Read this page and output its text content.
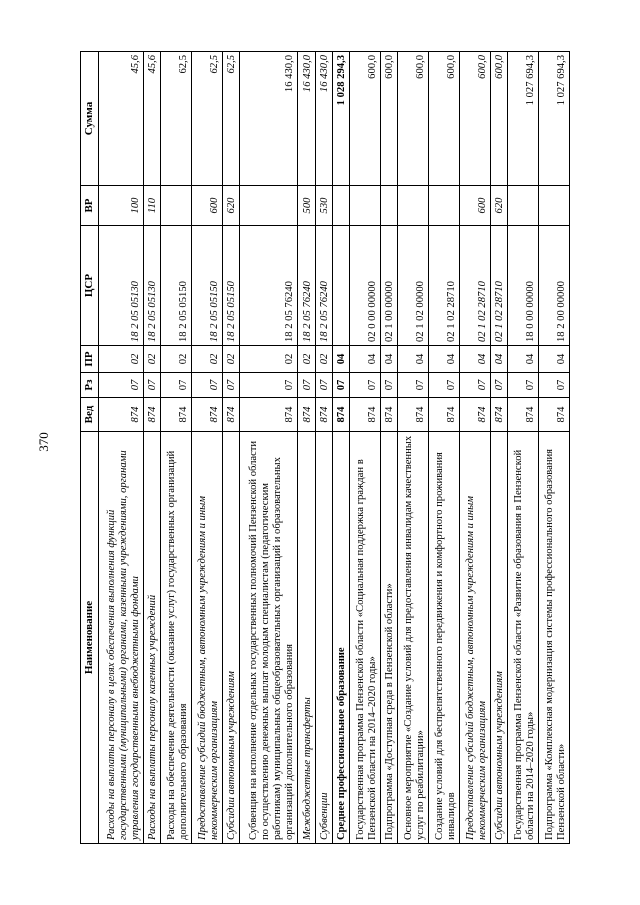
370
Наименование	Вед	Рз	ПР	ЦСР	ВР	Сумма
Расходы на выплаты персоналу в целях обеспечения выполнения функций государственными (муниципальными) органами, казенными учреждениями, органами управления государственными внебюджетными фондами	874	07	02	18 2 05 05130	100	45,6
Расходы на выплаты персоналу казенных учреждений	874	07	02	18 2 05 05130	110	45,6
Расходы на обеспечение деятельности (оказание услуг) государственных организаций дополнительного образования	874	07	02	18 2 05 05150		62,5
Предоставление субсидий бюджетным, автономным учреждениям и иным некоммерческим организациям	874	07	02	18 2 05 05150	600	62,5
Субсидии автономным учреждениям	874	07	02	18 2 05 05150	620	62,5
Субвенция на исполнение отдельных государственных полномочий Пензенской области по осуществлению денежных выплат молодым специалистам (педагогическим работникам) муниципальных общеобразовательных организаций и образовательных организаций дополнительного образования	874	07	02	18 2 05 76240		16 430,0
Межбюджетные трансферты	874	07	02	18 2 05 76240	500	16 430,0
Субвенции	874	07	02	18 2 05 76240	530	16 430,0
Среднее профессиональное образование	874	07	04			1 028 294,3
Государственная программа Пензенской области «Социальная поддержка граждан в Пензенской области на 2014–2020 годы»	874	07	04	02 0 00 00000		600,0
Подпрограмма «Доступная среда в Пензенской области»	874	07	04	02 1 00 00000		600,0
Основное мероприятие «Создание условий для предоставления инвалидам качественных услуг по реабилитации»	874	07	04	02 1 02 00000		600,0
Создание условий для беспрепятственного передвижения и комфортного проживания инвалидов	874	07	04	02 1 02 28710		600,0
Предоставление субсидий бюджетным, автономным учреждениям и иным некоммерческим организациям	874	07	04	02 1 02 28710	600	600,0
Субсидии автономным учреждениям	874	07	04	02 1 02 28710	620	600,0
Государственная программа Пензенской области «Развитие образования в Пензенской области на 2014–2020 годы»	874	07	04	18 0 00 00000		1 027 694,3
Подпрограмма «Комплексная модернизация системы профессионального образования Пензенской области»	874	07	04	18 2 00 00000		1 027 694,3
